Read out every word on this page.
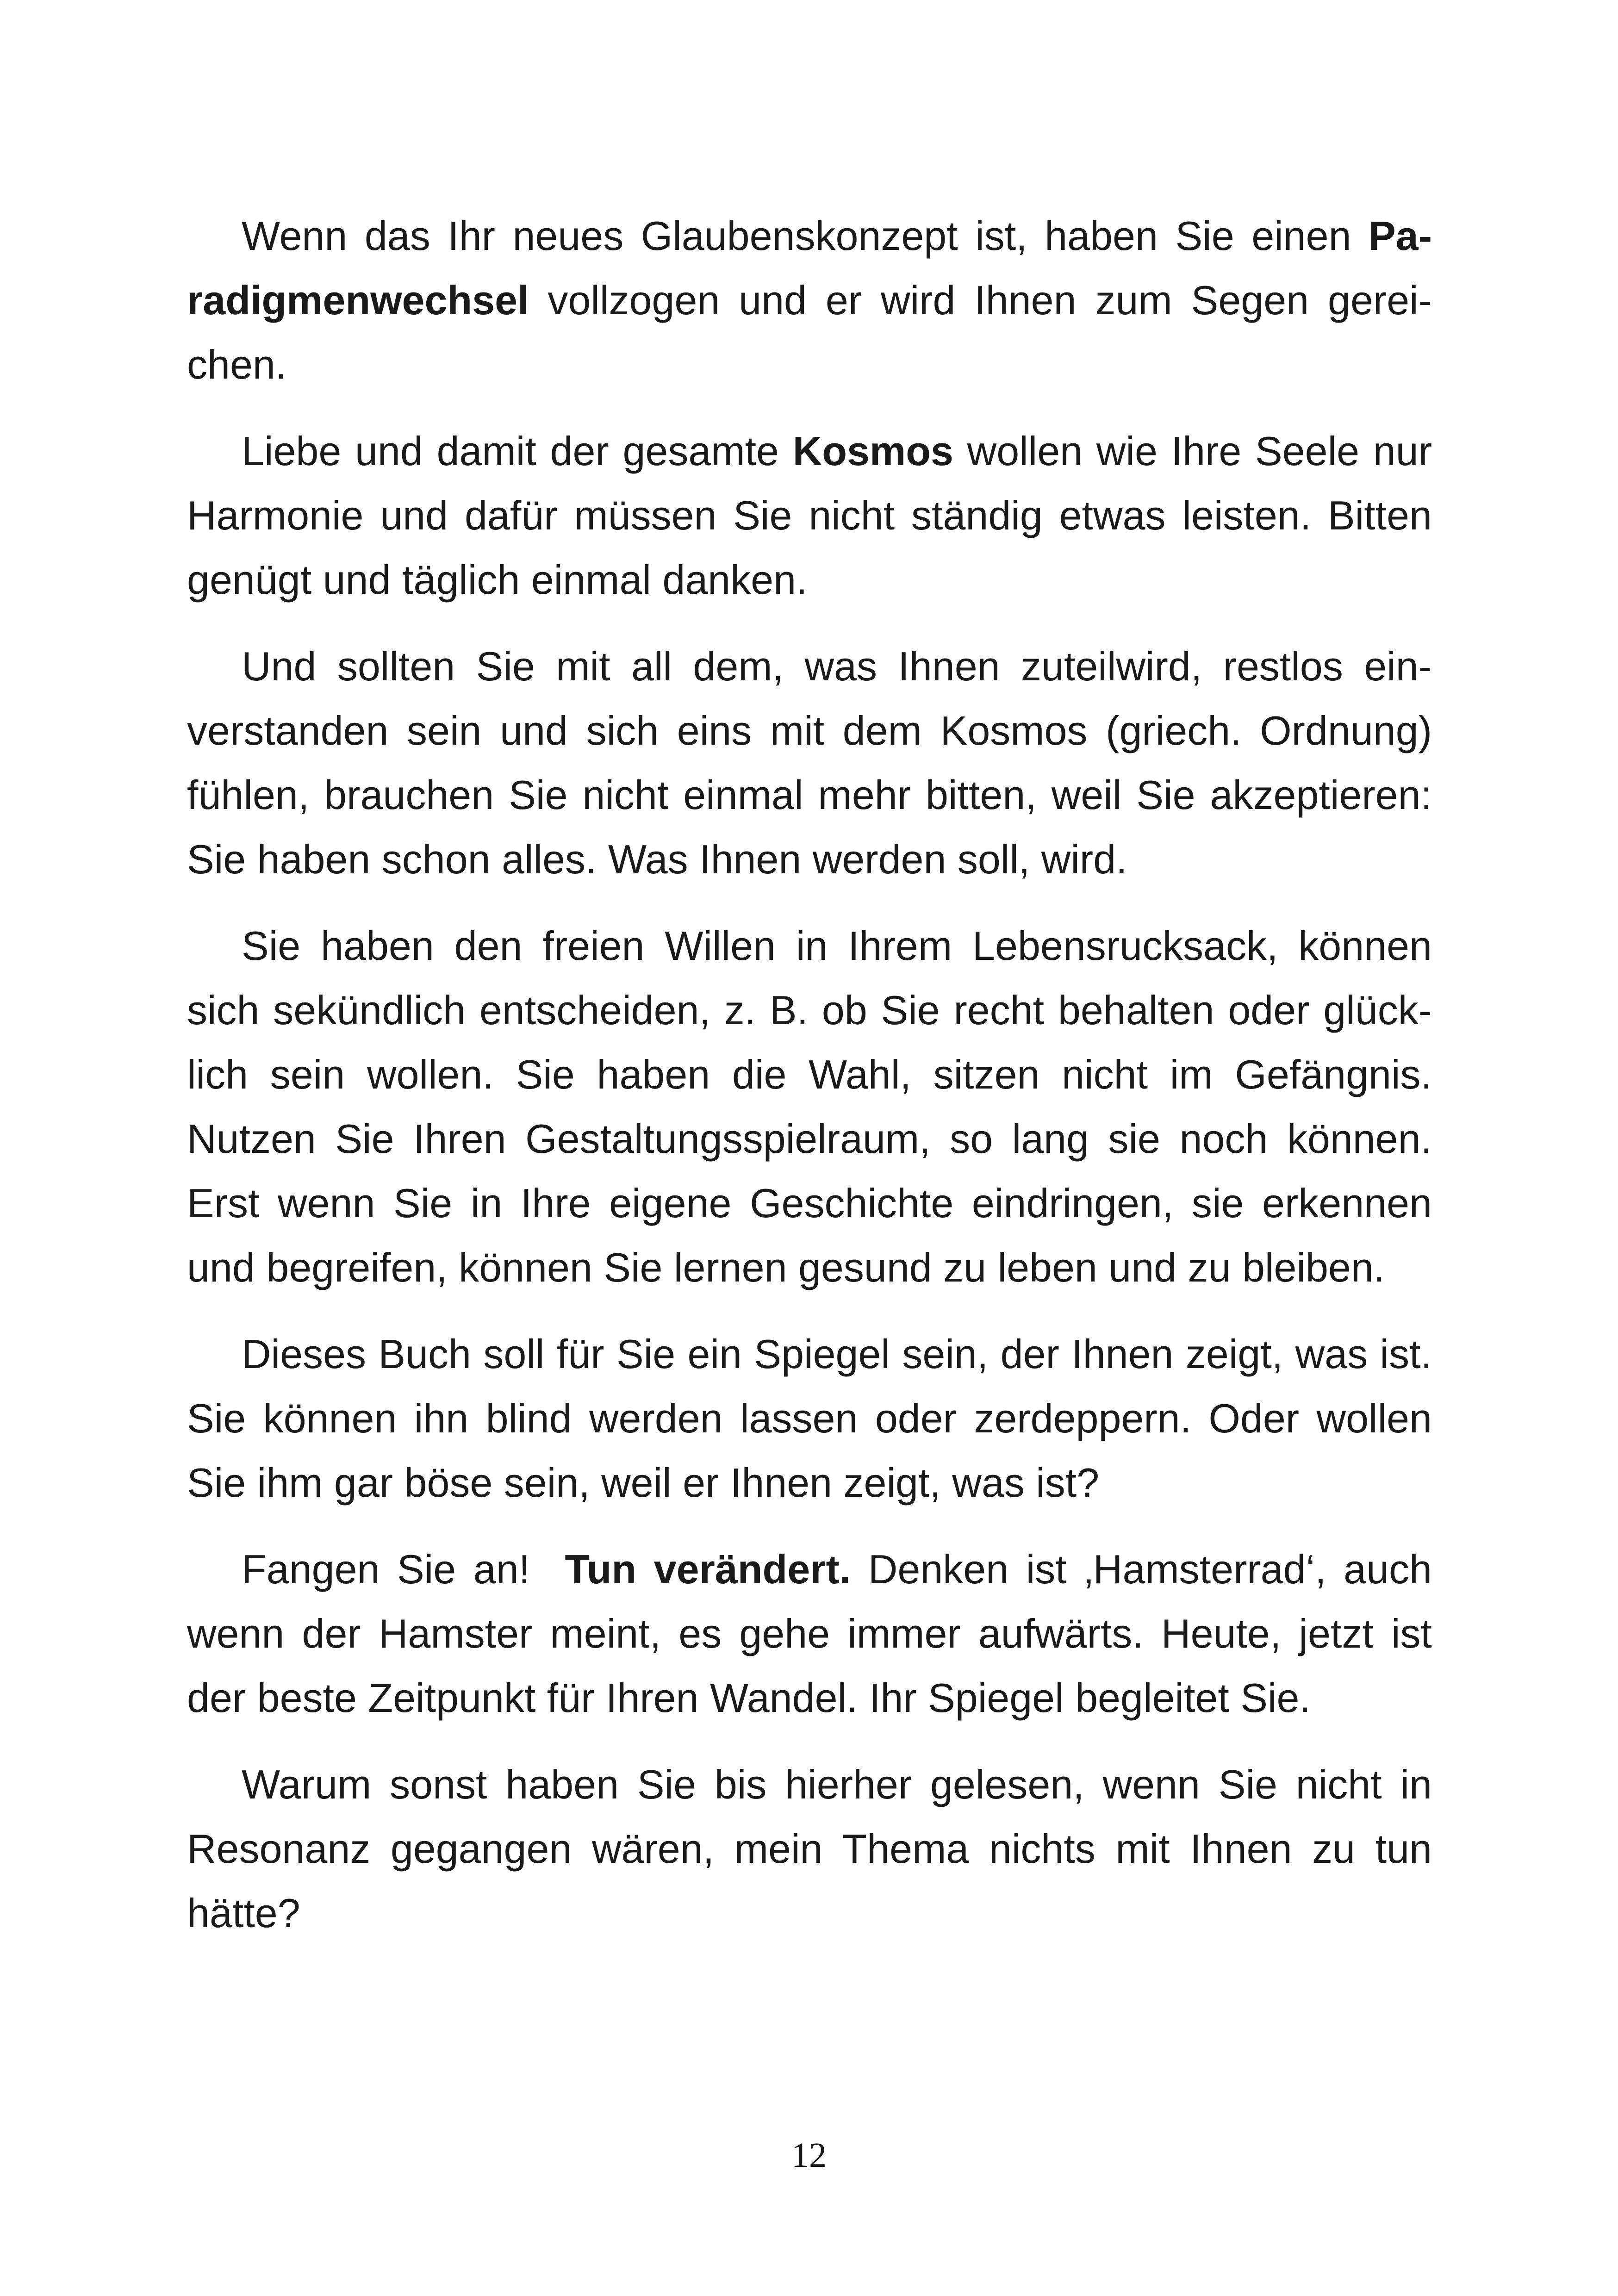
Wenn das Ihr neues Glaubenskonzept ist, haben Sie einen Paradigmenwechsel vollzogen und er wird Ihnen zum Segen gereichen.

Liebe und damit der gesamte Kosmos wollen wie Ihre Seele nur Harmonie und dafür müssen Sie nicht ständig etwas leisten. Bitten genügt und täglich einmal danken.

Und sollten Sie mit all dem, was Ihnen zuteilwird, restlos einverstanden sein und sich eins mit dem Kosmos (griech. Ordnung) fühlen, brauchen Sie nicht einmal mehr bitten, weil Sie akzeptieren: Sie haben schon alles. Was Ihnen werden soll, wird.

Sie haben den freien Willen in Ihrem Lebensrucksack, können sich sekündlich entscheiden, z. B. ob Sie recht behalten oder glücklich sein wollen. Sie haben die Wahl, sitzen nicht im Gefängnis. Nutzen Sie Ihren Gestaltungsspielraum, so lang sie noch können. Erst wenn Sie in Ihre eigene Geschichte eindringen, sie erkennen und begreifen, können Sie lernen gesund zu leben und zu bleiben.

Dieses Buch soll für Sie ein Spiegel sein, der Ihnen zeigt, was ist. Sie können ihn blind werden lassen oder zerdeppern. Oder wollen Sie ihm gar böse sein, weil er Ihnen zeigt, was ist?

Fangen Sie an!  Tun verändert. Denken ist ‚Hamsterrad‘, auch wenn der Hamster meint, es gehe immer aufwärts. Heute, jetzt ist der beste Zeitpunkt für Ihren Wandel. Ihr Spiegel begleitet Sie.

Warum sonst haben Sie bis hierher gelesen, wenn Sie nicht in Resonanz gegangen wären, mein Thema nichts mit Ihnen zu tun hätte?

12
